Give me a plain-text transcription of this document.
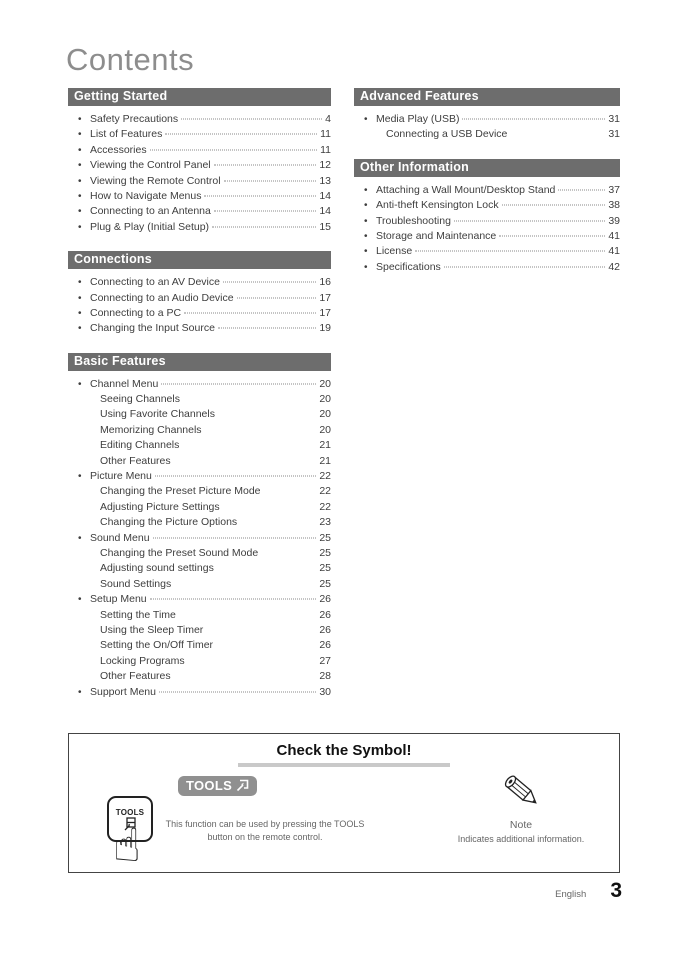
Contents
Getting Started
• Safety Precautions	4
• List of Features	11
• Accessories	11
• Viewing the Control Panel	12
• Viewing the Remote Control	13
• How to Navigate Menus	14
• Connecting to an Antenna	14
• Plug & Play (Initial Setup)	15
Connections
• Connecting to an AV Device	16
• Connecting to an Audio Device	17
• Connecting to a PC	17
• Changing the Input Source	19
Basic Features
• Channel Menu	20
Seeing Channels	20
Using Favorite Channels	20
Memorizing Channels	20
Editing Channels	21
Other Features	21
• Picture Menu	22
Changing the Preset Picture Mode	22
Adjusting Picture Settings	22
Changing the Picture Options	23
• Sound Menu	25
Changing the Preset Sound Mode	25
Adjusting sound settings	25
Sound Settings	25
• Setup Menu	26
Setting the Time	26
Using the Sleep Timer	26
Setting the On/Off Timer	26
Locking Programs	27
Other Features	28
• Support Menu	30
Advanced Features
• Media Play (USB)	31
Connecting a USB Device	31
Other Information
• Attaching a Wall Mount/Desktop Stand	37
• Anti-theft Kensington Lock	38
• Troubleshooting	39
• Storage and Maintenance	41
• License	41
• Specifications	42
Check the Symbol!
TOOLS
This function can be used by pressing the TOOLS
button on the remote control.
TOOLS
☝	Note
Indicates additional information.
English 3
